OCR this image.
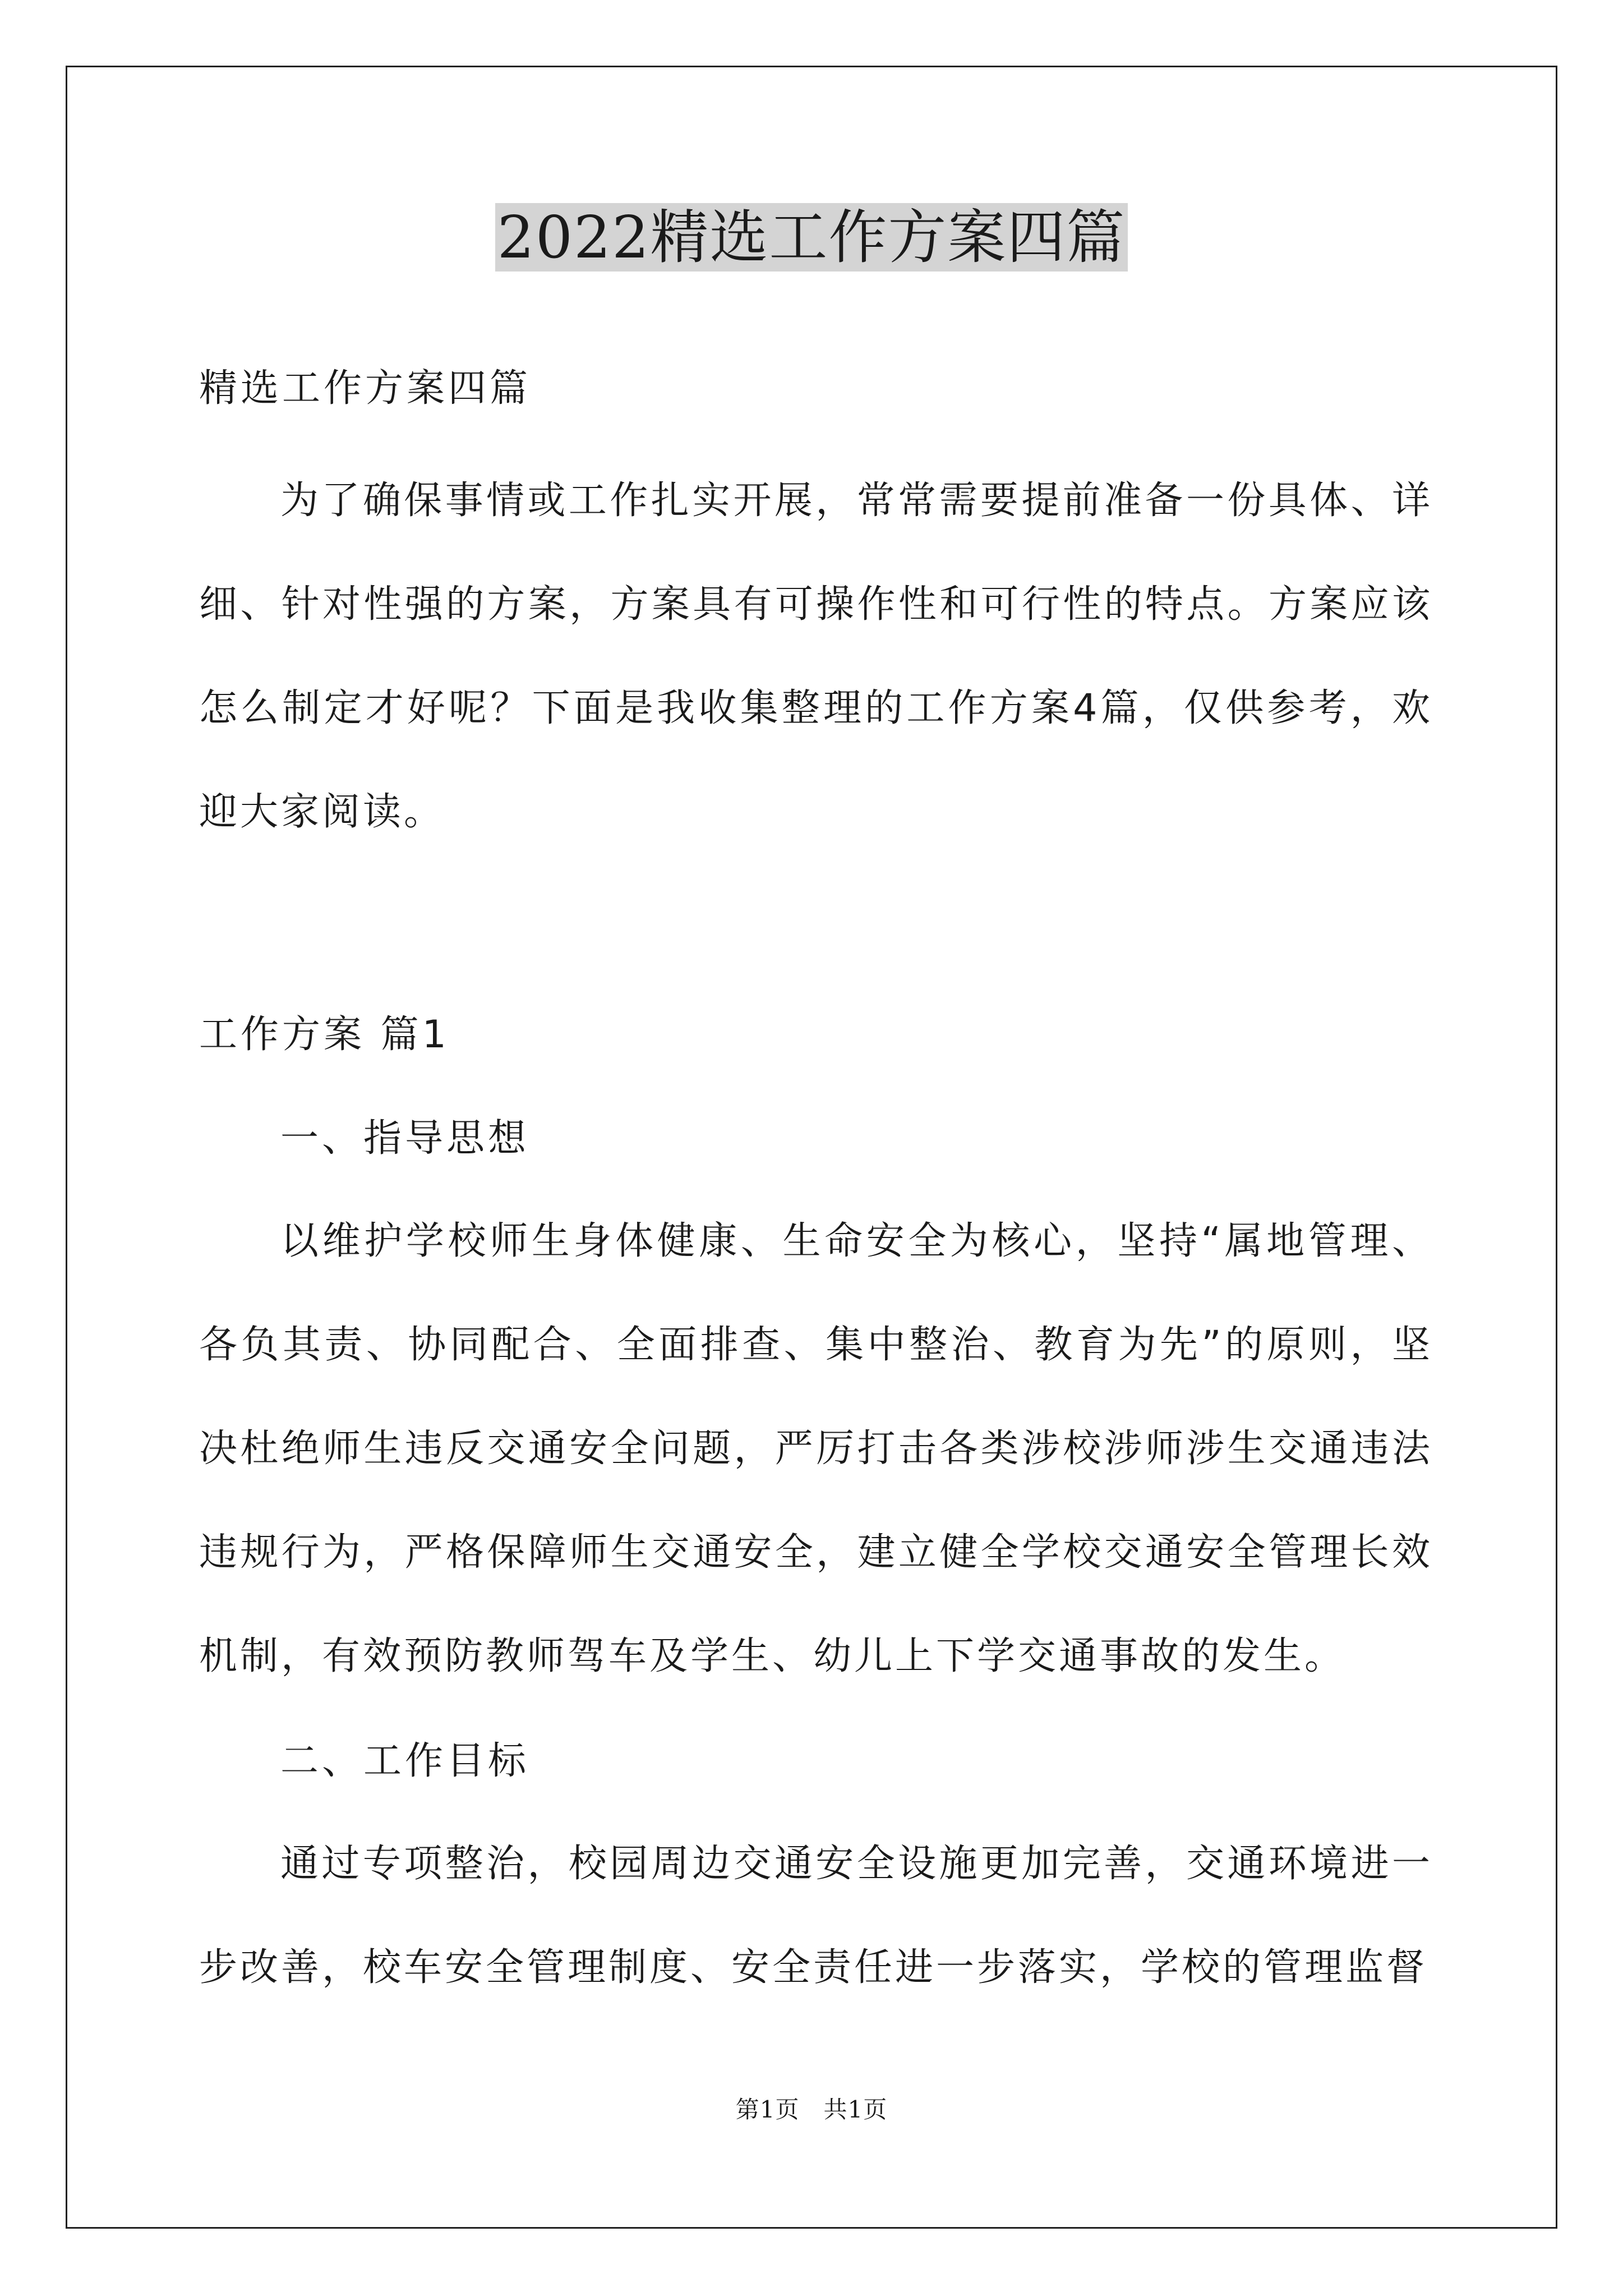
2022精选工作方案四篇
精选工作方案四篇

为了确保事情或工作扎实开展，常常需要提前准备一份具体、详细、针对性强的方案，方案具有可操作性和可行性的特点。方案应该怎么制定才好呢？下面是我收集整理的工作方案4篇，仅供参考，欢迎大家阅读。

工作方案 篇1
一、指导思想

以维护学校师生身体健康、生命安全为核心，坚持“属地管理、各负其责、协同配合、全面排查、集中整治、教育为先”的原则，坚决杜绝师生违反交通安全问题，严厉打击各类涉校涉师涉生交通违法违规行为，严格保障师生交通安全，建立健全学校交通安全管理长效机制，有效预防教师驾车及学生、幼儿上下学交通事故的发生。

二、工作目标

通过专项整治，校园周边交通安全设施更加完善，交通环境进一步改善，校车安全管理制度、安全责任进一步落实，学校的管理监督

第1页　共1页
